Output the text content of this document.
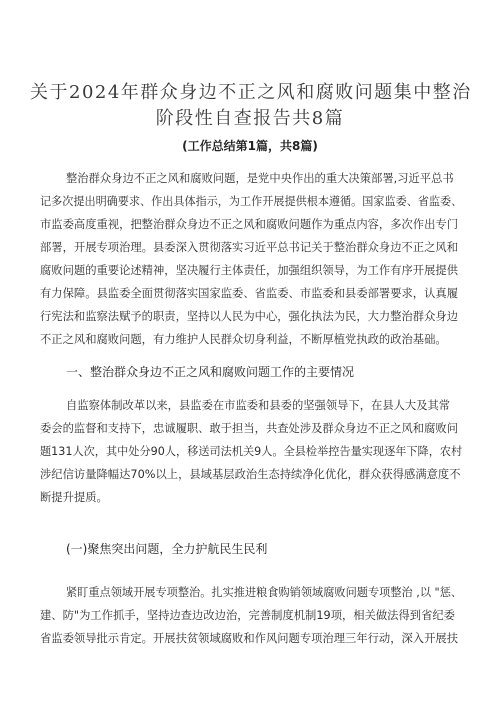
关于2024年群众身边不正之风和腐败问题集中整治
阶段性自查报告共8篇
(工作总结第1篇，共8篇)
整治群众身边不正之风和腐败问题，是党中央作出的重大决策部署,习近平总书
记多次提出明确要求、作出具体指示，为工作开展提供根本遵循。国家监委、省监委、
市监委高度重视，把整治群众身边不正之风和腐败问题作为重点内容，多次作出专门
部署，开展专项治理。县委深入贯彻落实习近平总书记关于整治群众身边不正之风和
腐败问题的重要论述精神，坚决履行主体责任，加强组织领导，为工作有序开展提供
有力保障。县监委全面贯彻落实国家监委、省监委、市监委和县委部署要求，认真履
行宪法和监察法赋予的职责，坚持以人民为中心，强化执法为民，大力整治群众身边
不正之风和腐败问题，有力维护人民群众切身利益，不断厚植党执政的政治基础。
一、整治群众身边不正之风和腐败问题工作的主要情况
自监察体制改革以来，县监委在市监委和县委的坚强领导下，在县人大及其常
委会的监督和支持下，忠诚履职、敢于担当，共查处涉及群众身边不正之风和腐败问
题131人次，其中处分90人，移送司法机关9人。全县检举控告量实现逐年下降，农村
涉纪信访量降幅达70%以上，县域基层政治生态持续净化优化，群众获得感满意度不
断提升提质。
(一)聚焦突出问题，全力护航民生民利
紧盯重点领域开展专项整治。扎实推进粮食购销领域腐败问题专项整治 ,以 "惩、
建、防"为工作抓手，坚持边查边改边治，完善制度机制19项，相关做法得到省纪委
省监委领导批示肯定。开展扶贫领域腐败和作风问题专项治理三年行动，深入开展扶
